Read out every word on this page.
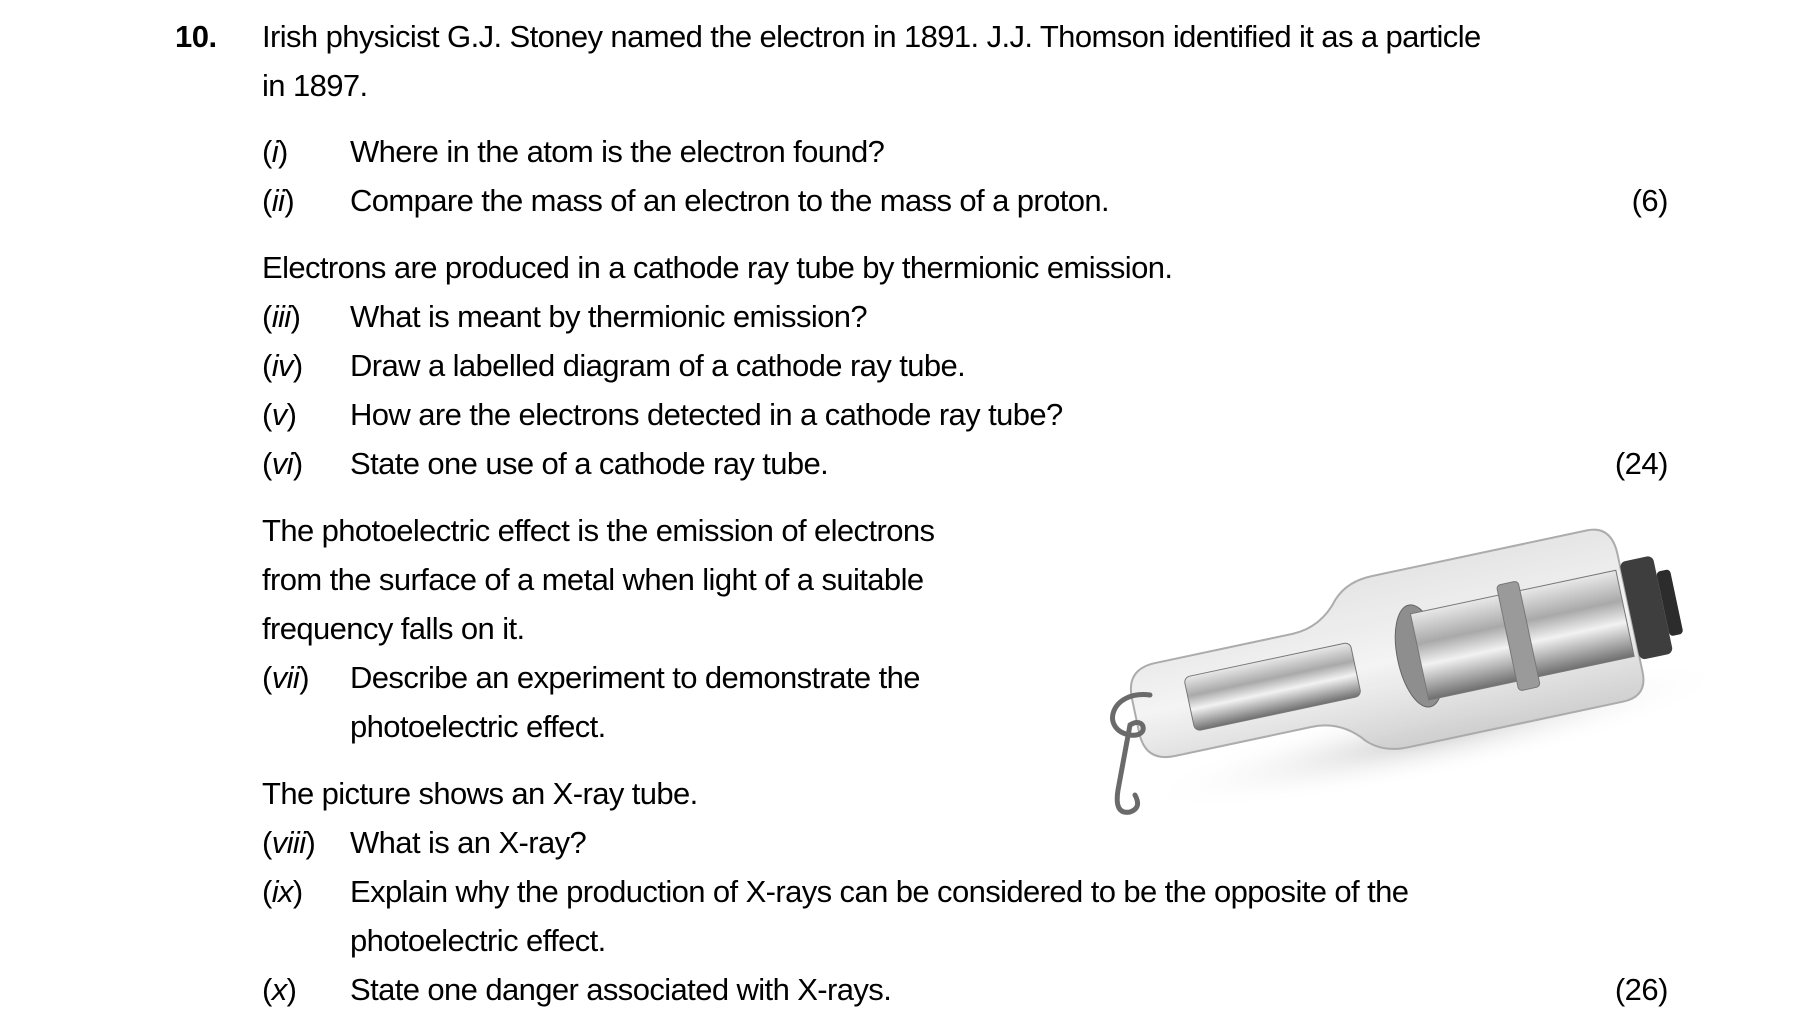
10. Irish physicist G.J. Stoney named the electron in 1891. J.J. Thomson identified it as a particle
in 1897.
(i) Where in the atom is the electron found?
(ii) Compare the mass of an electron to the mass of a proton.	(6)
Electrons are produced in a cathode ray tube by thermionic emission.
(iii) What is meant by thermionic emission?
(iv) Draw a labelled diagram of a cathode ray tube.
(v) How are the electrons detected in a cathode ray tube?
(vi) State one use of a cathode ray tube.	(24)
The photoelectric effect is the emission of electrons
from the surface of a metal when light of a suitable
frequency falls on it.
(vii) Describe an experiment to demonstrate the
photoelectric effect.
The picture shows an X-ray tube.
(viii) What is an X-ray?
(ix) Explain why the production of X-rays can be considered to be the opposite of the
photoelectric effect.
(x) State one danger associated with X-rays.	(26)
